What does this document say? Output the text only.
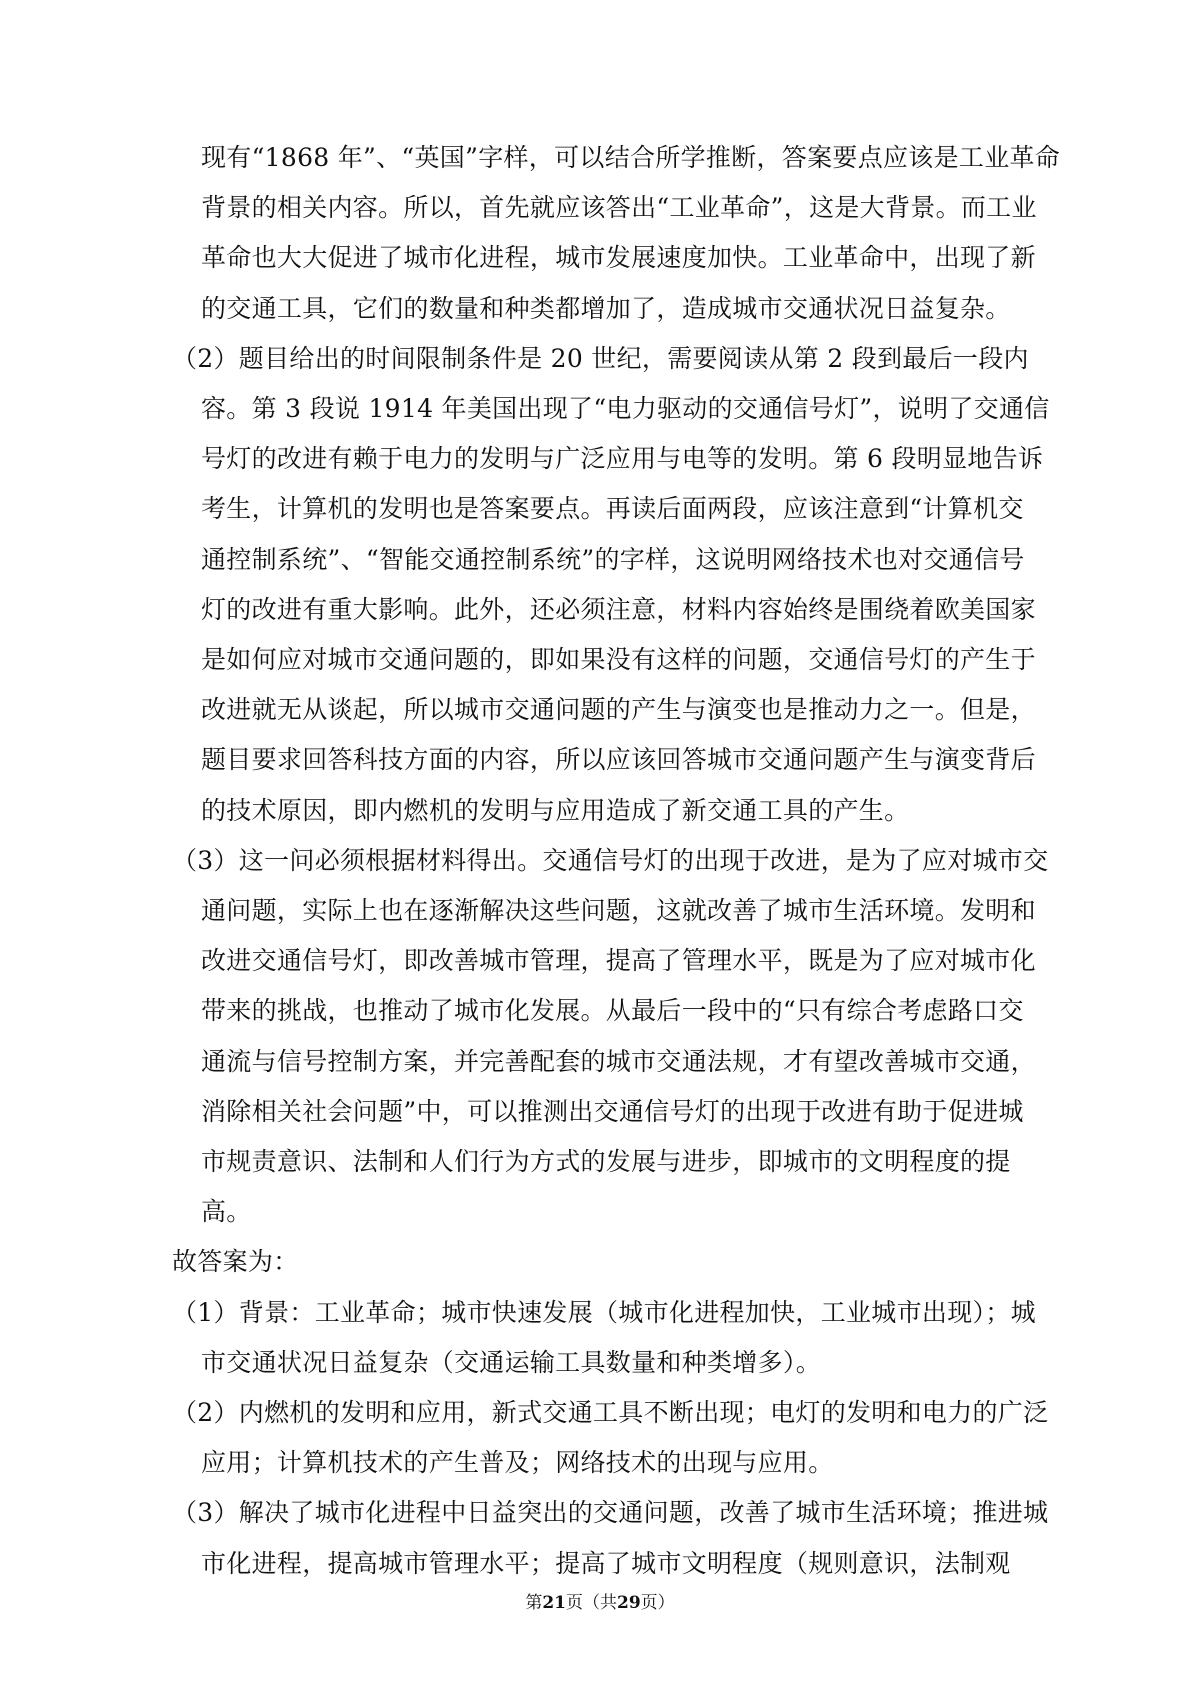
现有“1868 年”、“英国”字样，可以结合所学推断，答案要点应该是工业革命
背景的相关内容。所以，首先就应该答出“工业革命”，这是大背景。而工业
革命也大大促进了城市化进程，城市发展速度加快。工业革命中，出现了新
的交通工具，它们的数量和种类都增加了，造成城市交通状况日益复杂。
（2）题目给出的时间限制条件是 20 世纪，需要阅读从第 2 段到最后一段内
容。第 3 段说 1914 年美国出现了“电力驱动的交通信号灯”，说明了交通信
号灯的改进有赖于电力的发明与广泛应用与电等的发明。第 6 段明显地告诉
考生，计算机的发明也是答案要点。再读后面两段，应该注意到“计算机交
通控制系统”、“智能交通控制系统”的字样，这说明网络技术也对交通信号
灯的改进有重大影响。此外，还必须注意，材料内容始终是围绕着欧美国家
是如何应对城市交通问题的，即如果没有这样的问题，交通信号灯的产生于
改进就无从谈起，所以城市交通问题的产生与演变也是推动力之一。但是，
题目要求回答科技方面的内容，所以应该回答城市交通问题产生与演变背后
的技术原因，即内燃机的发明与应用造成了新交通工具的产生。
（3）这一问必须根据材料得出。交通信号灯的出现于改进，是为了应对城市交
通问题，实际上也在逐渐解决这些问题，这就改善了城市生活环境。发明和
改进交通信号灯，即改善城市管理，提高了管理水平，既是为了应对城市化
带来的挑战，也推动了城市化发展。从最后一段中的“只有综合考虑路口交
通流与信号控制方案，并完善配套的城市交通法规，才有望改善城市交通，
消除相关社会问题”中，可以推测出交通信号灯的出现于改进有助于促进城
市规责意识、法制和人们行为方式的发展与进步，即城市的文明程度的提
高。
故答案为：
（1）背景：工业革命；城市快速发展（城市化进程加快，工业城市出现）；城
市交通状况日益复杂（交通运输工具数量和种类增多）。
（2）内燃机的发明和应用，新式交通工具不断出现；电灯的发明和电力的广泛
应用；计算机技术的产生普及；网络技术的出现与应用。
（3）解决了城市化进程中日益突出的交通问题，改善了城市生活环境；推进城
市化进程，提高城市管理水平；提高了城市文明程度（规则意识，法制观
第21页（共29页）
